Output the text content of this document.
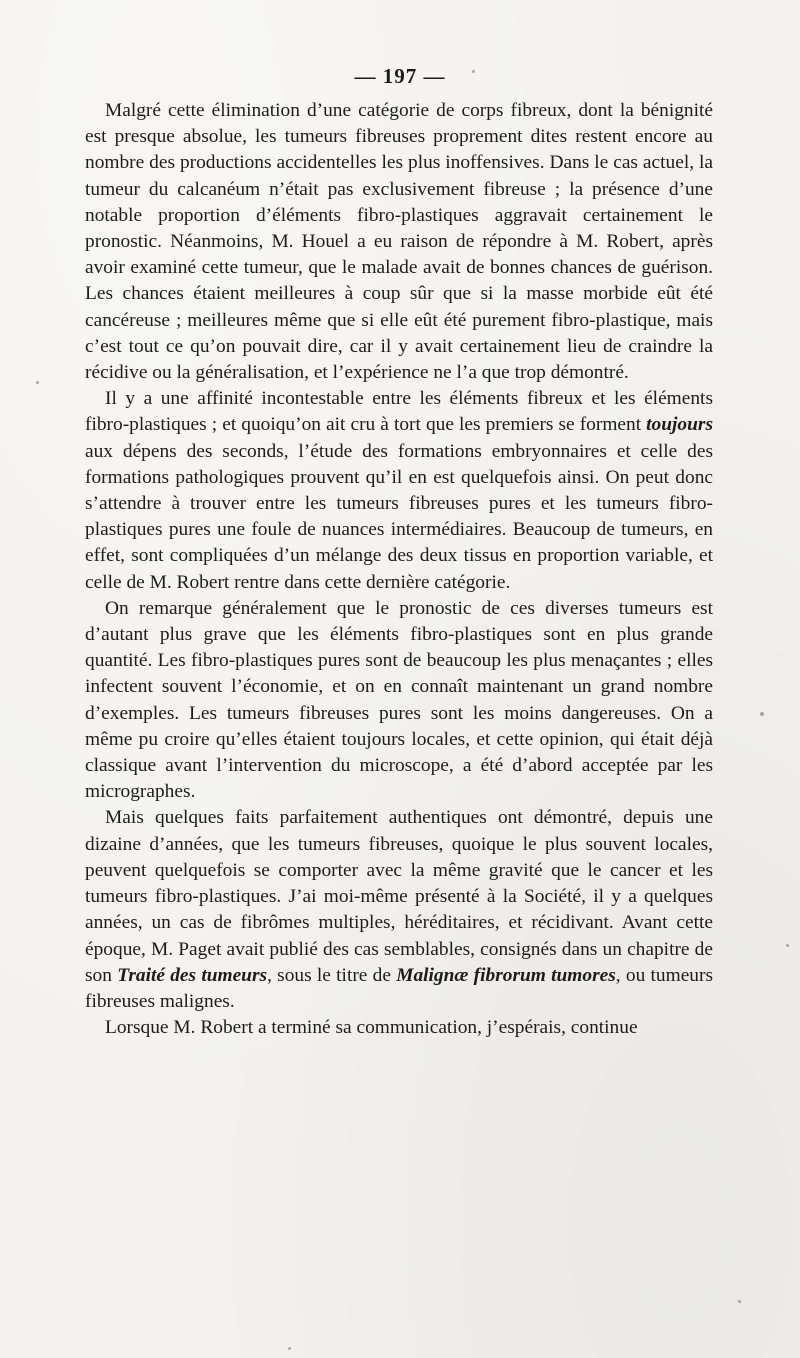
— 197 —

Malgré cette élimination d’une catégorie de corps fibreux, dont la bénignité est presque absolue, les tumeurs fibreuses proprement dites restent encore au nombre des productions accidentelles les plus inoffensives. Dans le cas actuel, la tumeur du calcanéum n’était pas exclusivement fibreuse ; la présence d’une notable proportion d’éléments fibro-plastiques aggravait certainement le pronostic. Néanmoins, M. Houel a eu raison de répondre à M. Robert, après avoir examiné cette tumeur, que le malade avait de bonnes chances de guérison. Les chances étaient meilleures à coup sûr que si la masse morbide eût été cancéreuse ; meilleures même que si elle eût été purement fibro-plastique, mais c’est tout ce qu’on pouvait dire, car il y avait certainement lieu de craindre la récidive ou la généralisation, et l’expérience ne l’a que trop démontré.

Il y a une affinité incontestable entre les éléments fibreux et les éléments fibro-plastiques ; et quoiqu’on ait cru à tort que les premiers se forment toujours aux dépens des seconds, l’étude des formations embryonnaires et celle des formations pathologiques prouvent qu’il en est quelquefois ainsi. On peut donc s’attendre à trouver entre les tumeurs fibreuses pures et les tumeurs fibro-plastiques pures une foule de nuances intermédiaires. Beaucoup de tumeurs, en effet, sont compliquées d’un mélange des deux tissus en proportion variable, et celle de M. Robert rentre dans cette dernière catégorie.

On remarque généralement que le pronostic de ces diverses tumeurs est d’autant plus grave que les éléments fibro-plastiques sont en plus grande quantité. Les fibro-plastiques pures sont de beaucoup les plus menaçantes ; elles infectent souvent l’économie, et on en connaît maintenant un grand nombre d’exemples. Les tumeurs fibreuses pures sont les moins dangereuses. On a même pu croire qu’elles étaient toujours locales, et cette opinion, qui était déjà classique avant l’intervention du microscope, a été d’abord acceptée par les micrographes.

Mais quelques faits parfaitement authentiques ont démontré, depuis une dizaine d’années, que les tumeurs fibreuses, quoique le plus souvent locales, peuvent quelquefois se comporter avec la même gravité que le cancer et les tumeurs fibro-plastiques. J’ai moi-même présenté à la Société, il y a quelques années, un cas de fibrômes multiples, héréditaires, et récidivant. Avant cette époque, M. Paget avait publié des cas semblables, consignés dans un chapitre de son Traité des tumeurs, sous le titre de Malignæ fibrorum tumores, ou tumeurs fibreuses malignes.

Lorsque M. Robert a terminé sa communication, j’espérais, continue
